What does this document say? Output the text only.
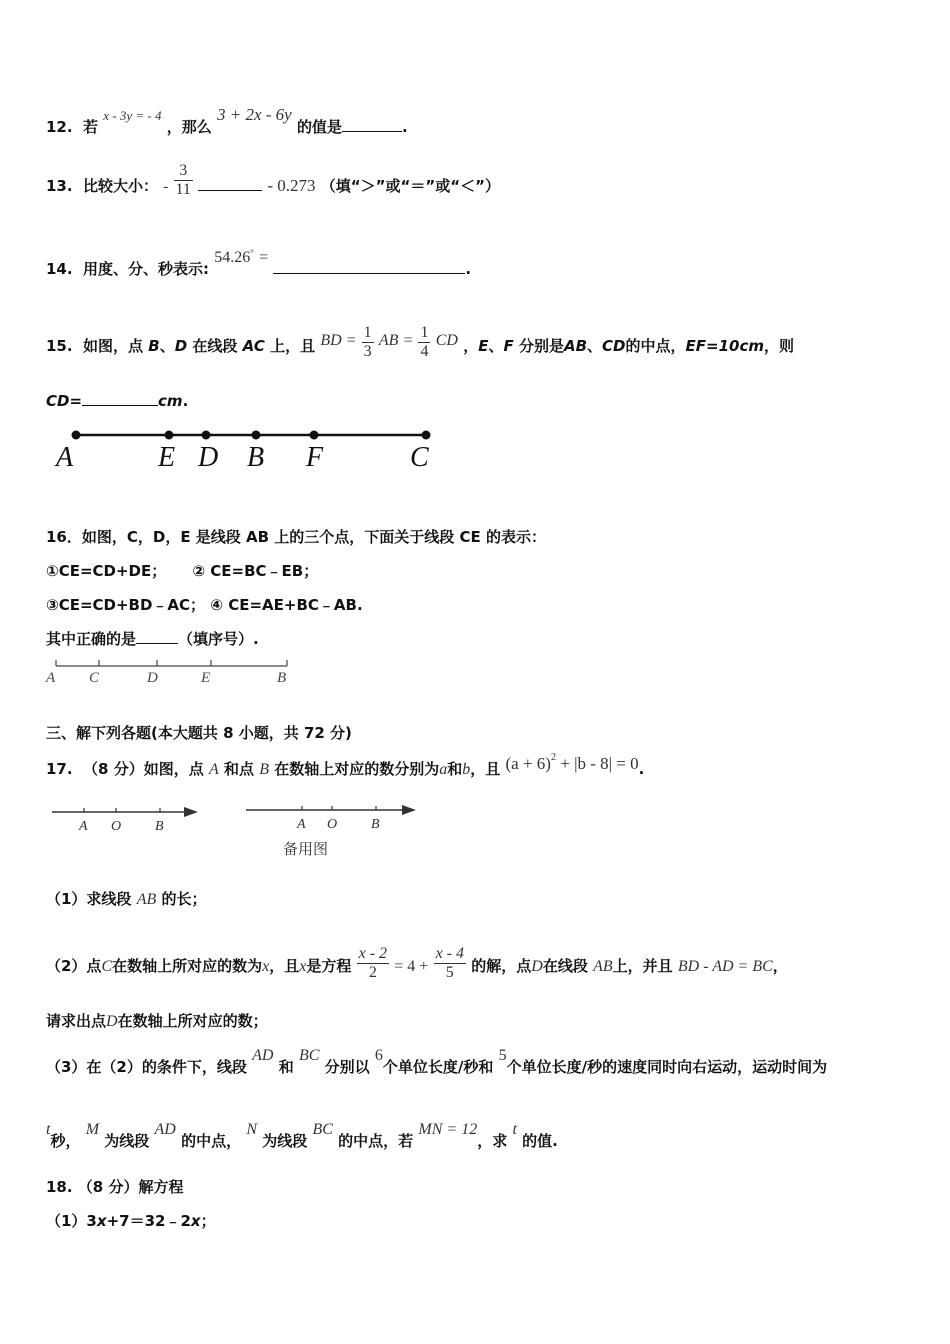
12. 若 x - 3y = - 4 ，那么 3 + 2x - 6y 的值是	.
13. 比较大小： - $\frac{3}{11}$	- 0.273 （填“＞”或“＝”或“＜”）
14. 用度、分、秒表示: 54.26° = .
15. 如图，点 B、D 在线段 AC 上，且 BD = $\frac{1}{3}$ AB = $\frac{1}{4}$ CD ，E、F 分别是AB、CD的中点，EF=10cm，则
CD=	cm.
A	E D B F	C
16．如图，C，D，E 是线段 AB 上的三个点，下面关于线段 CE 的表示：
①CE=CD+DE； ② CE=BC﹣EB；
③CE=CD+BD﹣AC； ④ CE=AE+BC﹣AB.
其中正确的是	（填序号）.
A C	D	E	B
三、解下列各题(本大题共 8 小题，共 72 分)
17. （8 分）如图，点 A 和点 B 在数轴上对应的数分别为a和b，且 $(a + 6)^2 + |b - 8| = 0$.
A O B	A O B
备用图
（1）求线段 AB 的长；
（2）点C在数轴上所对应的数为x，且x是方程 $\frac{x - 2}{2} = 4 + \frac{x - 4}{5}$ 的解，点D在线段 AB上，并且 BD - AD = BC，
请求出点D在数轴上所对应的数；
（3）在（2）的条件下，线段 AD 和 BC 分别以 6个单位长度/秒和 5个单位长度/秒的速度同时向右运动，运动时间为
t秒， M 为线段 AD 的中点， N 为线段 BC 的中点，若 MN = 12，求 t 的值.
18. （8 分）解方程
（1）3x+7＝32﹣2x；
